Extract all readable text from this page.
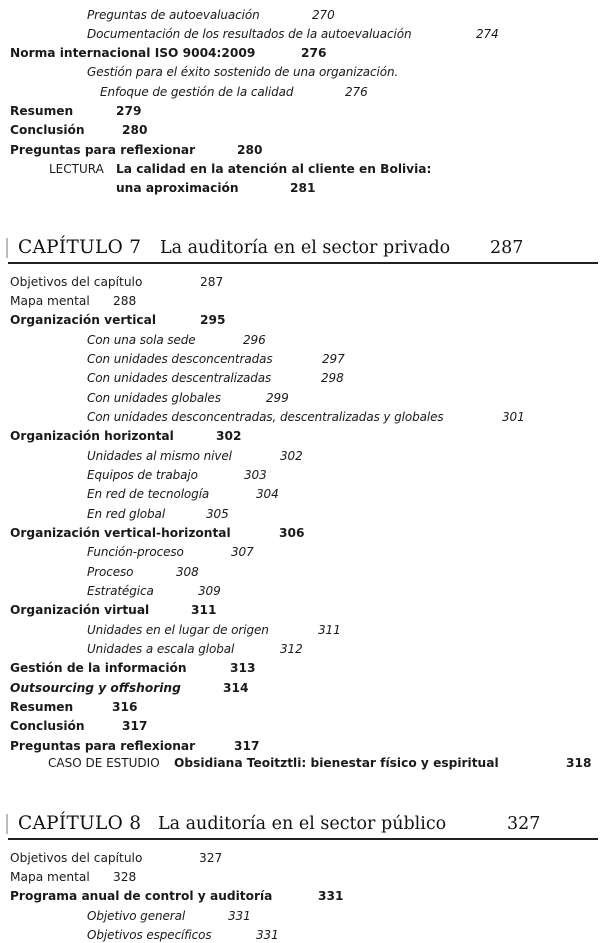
Preguntas de autoevaluación	270
Documentación de los resultados de la autoevaluación	274
Norma internacional ISO 9004:2009	276
Gestión para el éxito sostenido de una organización.
Enfoque de gestión de la calidad	276
Resumen	279
Conclusión	280
Preguntas para reflexionar	280
LECTURA La calidad en la atención al cliente en Bolivia:
una aproximación	281
CAPÍTULO 7 La auditoría en el sector privado 287
Objetivos del capítulo	287
Mapa mental 288
Organización vertical	295
Con una sola sede	296
Con unidades desconcentradas	297
Con unidades descentralizadas	298
Con unidades globales	299
Con unidades desconcentradas, descentralizadas y globales	301
Organización horizontal	302
Unidades al mismo nivel	302
Equipos de trabajo	303
En red de tecnología	304
En red global	305
Organización vertical-horizontal	306
Función-proceso	307
Proceso	308
Estratégica	309
Organización virtual	311
Unidades en el lugar de origen	311
Unidades a escala global	312
Gestión de la información	313
Outsourcing y offshoring	314
Resumen	316
Conclusión	317
Preguntas para reflexionar	317
CASO DE ESTUDIO Obsidiana Teoitztli: bienestar físico y espiritual	318
CAPÍTULO 8 La auditoría en el sector público	327
Objetivos del capítulo	327
Mapa mental 328
Programa anual de control y auditoría	331
Objetivo general	331
Objetivos específicos	331
